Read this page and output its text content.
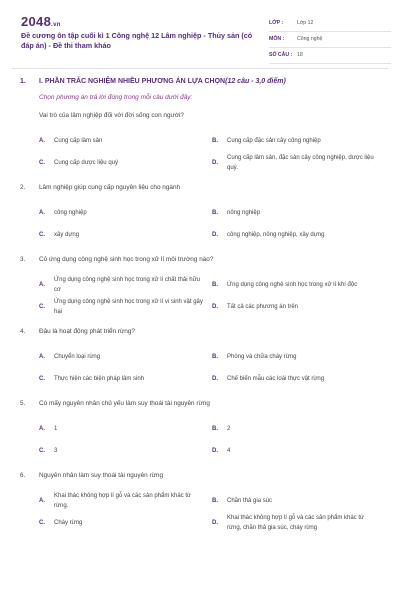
2048.vn
Đề cương ôn tập cuối kì 1 Công nghệ 12 Lâm nghiệp - Thủy sản (có đáp án) - Đề thi tham khảo
LỚP :	Lớp 12
MÔN : Công nghệ
SỐ CÂU : 18
1. I. PHẦN TRẮC NGHIỆM NHIỀU PHƯƠNG ÁN LỰA CHỌN(12 câu - 3,0 điểm)
Chọn phương án trả lời đúng trong mỗi câu dưới đây:
Vai trò của lâm nghiệp đối với đời sống con người?
A. Cung cấp lâm sản	B. Cung cấp đặc sản cây công nghiệp
C. Cung cấp dược liệu quý	D.
Cung cấp lâm sản, đặc sản cây công nghiệp, dược liệu quý.
2. Lâm nghiệp giúp cung cấp nguyên liệu cho ngành
A. công nghiệp	B. nông nghiệp
C. xây dựng	D. công nghiệp, nông nghiệp, xây dựng
3. Cỏ ứng dụng công nghệ sinh học trong xử lí môi trường nào?
A.
Ứng dụng công nghệ sinh học trong xử lí chất thải hữu cơ
B. Ứng dụng công nghệ sinh học trong xử lí khí độc
C.
Ứng dụng công nghệ sinh học trong xử lí vi sinh vật gây hại
D. Tất cả các phương án trên
4. Đâu là hoạt động phát triển rừng?
A. Chuyển loại rừng	B. Phòng và chữa cháy rừng
C. Thực hiện các biện pháp lâm sinh	D. Chế biến mẫu các loài thực vật rừng
5. Có mấy nguyên nhân chủ yếu làm suy thoái tài nguyên rừng
A. 1	B. 2
C. 3	D. 4
6. Nguyên nhân làm suy thoái tài nguyên rừng
A.
Khai thác không hợp lí gỗ và các sản phẩm khác từ rừng.
B. Chăn thả gia súc
C. Cháy rừng	D.
Khai thác không hợp lí gỗ và các sản phẩm khác từ rừng, chăn thả gia súc, cháy rừng
